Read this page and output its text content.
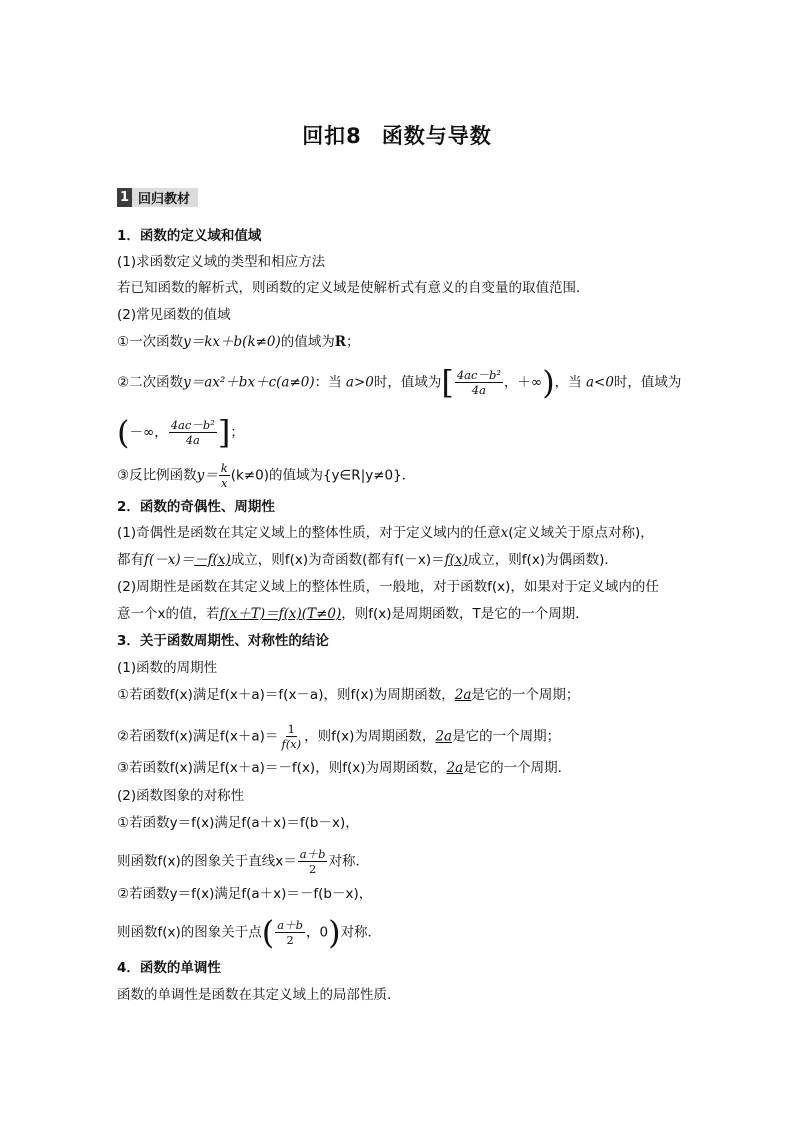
回扣8 函数与导数
1 回归教材
1．函数的定义域和值域
(1)求函数定义域的类型和相应方法
若已知函数的解析式，则函数的定义域是使解析式有意义的自变量的取值范围．
(2)常见函数的值域
①一次函数y＝kx＋b(k≠0)的值域为R；
②二次函数y＝ax²＋bx＋c(a≠0)：当 a>0时，值域为[ $\frac{\text{4ac－b²}}{4a}$ ，＋∞)，当 a<0时，值域为
(－∞， $\frac{\text{4ac－b²}}{4a}$ ]；
③反比例函数$y= \frac{k}{x} (k\ne 0)$的值域为{y∈R|y≠0}．
2．函数的奇偶性、周期性
(1)奇偶性是函数在其定义域上的整体性质，对于定义域内的任意x(定义域关于原点对称)，
都有f(－x)＝－f(x)成立，则f(x)为奇函数(都有f(－x)＝f(x)成立，则f(x)为偶函数)．
(2)周期性是函数在其定义域上的整体性质，一般地，对于函数f(x)，如果对于定义域内的任
意一个x的值，若f(x＋T)＝f(x)(T≠0)，则f(x)是周期函数，T是它的一个周期．
3．关于函数周期性、对称性的结论
(1)函数的周期性
①若函数f(x)满足f(x＋a)＝f(x－a)，则f(x)为周期函数，2a是它的一个周期；
②若函数f(x)满足$f(x+a)= \frac{1}{f(x)}$ ，则f(x)为周期函数，2a是它的一个周期；
③若函数f(x)满足f(x＋a)＝－f(x)，则f(x)为周期函数，2a是它的一个周期．
(2)函数图象的对称性
①若函数y＝f(x)满足f(a＋x)＝f(b－x)，
则函数f(x)的图象关于直线$x= \frac{a+b}{2}$ 对称．
②若函数y＝f(x)满足f(a＋x)＝－f(b－x)，
则函数f(x)的图象关于点( $\frac{a+b}{2}$ ，0)对称．
4．函数的单调性
函数的单调性是函数在其定义域上的局部性质．
